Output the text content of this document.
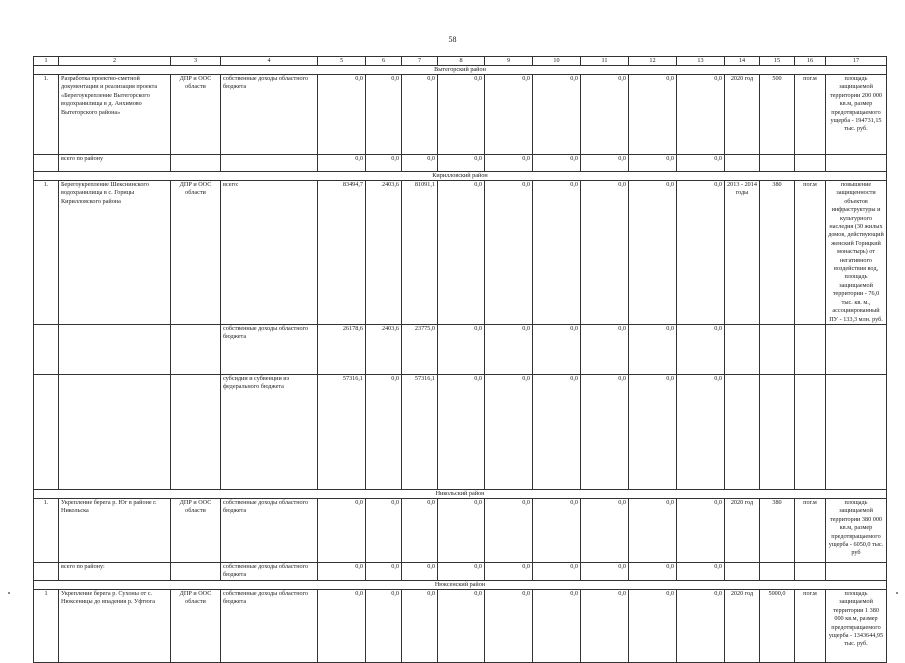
58
1	2	3	4	5	6	7	8	9	10	11	12	13	14	15	16	17
Вытегорский район																
1.	Разработка проектно-сметной документации и реализация проекта «Берегоукрепление Вытегорского водохранилища в д. Анхимово Вытегорского района»	ДПР и ООС области	собственные доходы областного бюджета	0,0	0,0	0,0	0,0	0,0	0,0	0,0	0,0	0,0	2020 год	500	пог.м	площадь защищаемой территории 200 000 кв.м, размер предотвращаемого ущерба - 194731,15 тыс. руб.
	всего по району			0,0	0,0	0,0	0,0	0,0	0,0	0,0	0,0	0,0				
Кирилловский район																
1.	Берегоукрепление Шекснинского водохранилища в с. Горицы Кирилловского района	ДПР и ООС области	всего:	83494,7	2403,6	81091,1	0,0	0,0	0,0	0,0	0,0	0,0	2013 - 2014 годы	380	пог.м	повышение защищенности объектов инфраструктуры и культурного наследия (30 жилых домов, действующий женский Горицкий монастырь) от негативного воздействия вод, площадь защищаемой территории - 76,0 тыс. кв. м., ассоциированный ПУ - 133,3 млн. руб.
			собственные доходы областного бюджета	26178,6	2403,6	23775,0	0,0	0,0	0,0	0,0	0,0	0,0				
			субсидии и субвенции из федерального бюджета	57316,1	0,0	57316,1	0,0	0,0	0,0	0,0	0,0	0,0				
Никольский район																
1.	Укрепление берега р. Юг в районе г. Никольска	ДПР и ООС области	собственные доходы областного бюджета	0,0	0,0	0,0	0,0	0,0	0,0	0,0	0,0	0,0	2020 год	380	пог.м	площадь защищаемой территории 380 000 кв.м, размер предотвращаемого ущерба - 6050,0 тыс. руб
	всего по району:		собственные доходы областного бюджета	0,0	0,0	0,0	0,0	0,0	0,0	0,0	0,0	0,0				
Нюксенский район																
1	Укрепление берега р. Сухоны от с. Нюксеницы до впадения р. Уфтюга	ДПР и ООС области	собственные доходы областного бюджета	0,0	0,0	0,0	0,0	0,0	0,0	0,0	0,0	0,0	2020 год	5000,0	пог.м	площадь защищаемой территории 1 380 000 кв.м, размер предотвращаемого ущерба - 1343644,95 тыс. руб.
